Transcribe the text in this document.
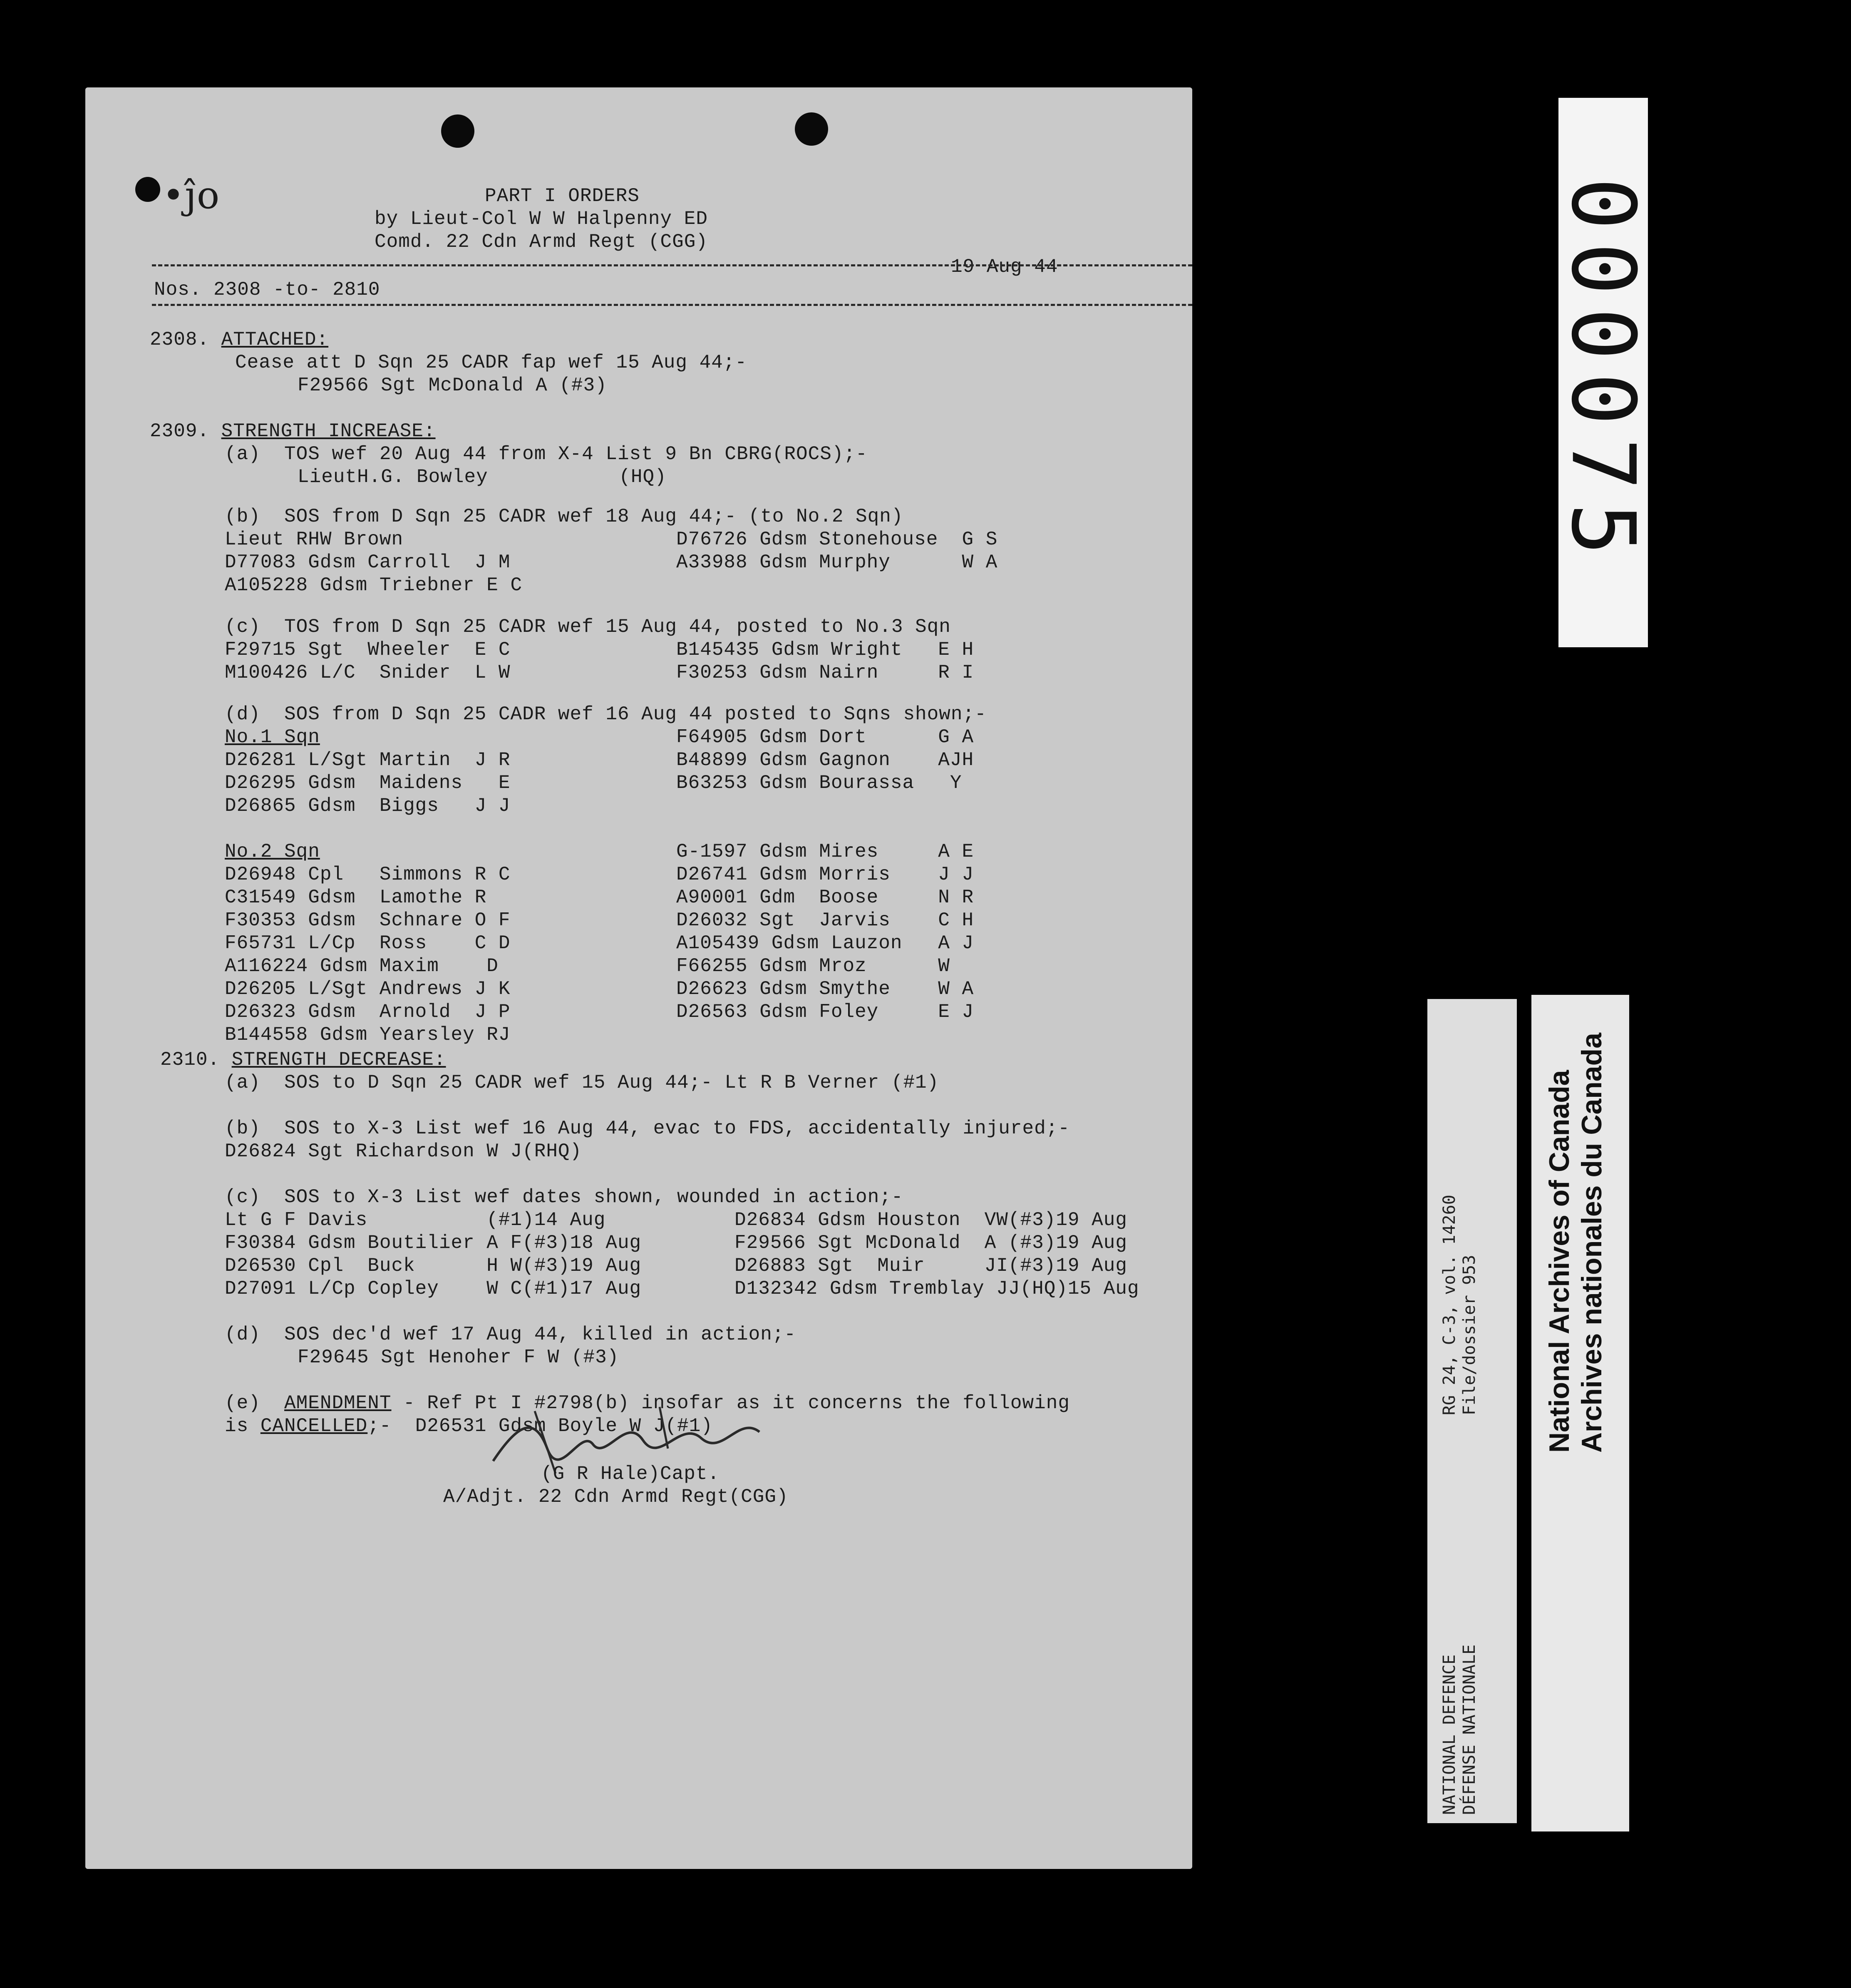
•ĵo	PART I ORDERS
by Lieut-Col W W Halpenny ED
Comd. 22 Cdn Armd Regt (CGG)
19 Aug 44
Nos. 2308 -to- 2810
2308. ATTACHED:
Cease att D Sqn 25 CADR fap wef 15 Aug 44;-
F29566 Sgt McDonald A (#3)
2309. STRENGTH INCREASE:
(a)  TOS wef 20 Aug 44 from X-4 List 9 Bn CBRG(ROCS);-
LieutH.G. Bowley           (HQ)
(b)  SOS from D Sqn 25 CADR wef 18 Aug 44;- (to No.2 Sqn)
Lieut RHW Brown
D77083 Gdsm Carroll  J M
A105228 Gdsm Triebner E C
D76726 Gdsm Stonehouse  G S
A33988 Gdsm Murphy      W A
(c)  TOS from D Sqn 25 CADR wef 15 Aug 44, posted to No.3 Sqn
F29715 Sgt  Wheeler  E C
M100426 L/C  Snider  L W
B145435 Gdsm Wright   E H
F30253 Gdsm Nairn     R I
(d)  SOS from D Sqn 25 CADR wef 16 Aug 44 posted to Sqns shown;-
No.1 Sqn
D26281 L/Sgt Martin  J R
D26295 Gdsm  Maidens   E
D26865 Gdsm  Biggs   J J
F64905 Gdsm Dort      G A
B48899 Gdsm Gagnon    AJH
B63253 Gdsm Bourassa   Y
No.2 Sqn
D26948 Cpl   Simmons R C
C31549 Gdsm  Lamothe R
F30353 Gdsm  Schnare O F
F65731 L/Cp  Ross    C D
A116224 Gdsm Maxim    D
D26205 L/Sgt Andrews J K
D26323 Gdsm  Arnold  J P
B144558 Gdsm Yearsley RJ
G-1597 Gdsm Mires     A E
D26741 Gdsm Morris    J J
A90001 Gdm  Boose     N R
D26032 Sgt  Jarvis    C H
A105439 Gdsm Lauzon   A J
F66255 Gdsm Mroz      W
D26623 Gdsm Smythe    W A
D26563 Gdsm Foley     E J
2310. STRENGTH DECREASE:
(a)  SOS to D Sqn 25 CADR wef 15 Aug 44;- Lt R B Verner (#1)
(b)  SOS to X-3 List wef 16 Aug 44, evac to FDS, accidentally injured;-
D26824 Sgt Richardson W J(RHQ)
(c)  SOS to X-3 List wef dates shown, wounded in action;-
Lt G F Davis          (#1)14 Aug
F30384 Gdsm Boutilier A F(#3)18 Aug
D26530 Cpl  Buck      H W(#3)19 Aug
D27091 L/Cp Copley    W C(#1)17 Aug
D26834 Gdsm Houston  VW(#3)19 Aug
F29566 Sgt McDonald  A (#3)19 Aug
D26883 Sgt  Muir     JI(#3)19 Aug
D132342 Gdsm Tremblay JJ(HQ)15 Aug
(d)  SOS dec'd wef 17 Aug 44, killed in action;-
F29645 Sgt Henoher F W (#3)
(e)  AMENDMENT - Ref Pt I #2798(b) insofar as it concerns the following
is CANCELLED;-  D26531 Gdsm Boyle W J(#1)
(G R Hale)Capt.
A/Adjt. 22 Cdn Armd Regt(CGG)
000075
NATIONAL DEFENCE DÉFENSE NATIONALE
RG 24, C-3, vol. 14260 File/dossier 953 National Archives of Canada Archives nationales du Canada
